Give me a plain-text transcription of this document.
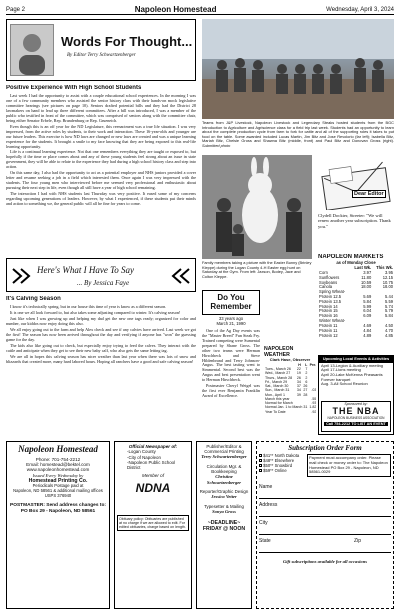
Page 2	Napoleon Homestead	Wednesday, April 3, 2024
Words For Thought...
By Editor Terry Schwartzenberger
Positive Experience With High School Students

Last week I had the opportunity to assist with a couple educational school experiences. In the morning I was one of a few community members who assisted the senior history class with their hands-on mock legislative committee hearings (see pictures on page 10). Seniors drafted potential bills and they had the District 28 lawmakers on hand to lead up three different committees. After a bill was introduced, I was a member of the public who testified in front of the committee, which was comprised of seniors along with the committee chair, being either Senator Erbele, Rep. Brandenburg or Rep. Grueneich.

Even though this is an off year for the ND Legislature, this reenactment was a true life situation. I was very impressed, from the active roles by students, to their work and interaction. These 16-year-olds and younger are our future leaders. This exercise is how ND laws are changed or new laws are created and was a unique learning experience for the students. It brought a smile to my face knowing that they are being exposed to this real-life learning opportunity.

Life is a continual learning experience. Not that one remembers everything they are taught or exposed to, but hopefully if the time or place comes about and any of these young students feel strong about an issue in state government, they will be able to relate to the experience they had during a high school history class and step into action.

On this same day, I also had the opportunity to act as a potential employer and NHS juniors provided a cover letter and resume seeking a job in a field which interested them. Once again I was very impressed with the students. The four young men who interviewed before me seemed very professional and enthusiastic about pursuing their next step in life, even though all still have a year of high school remaining.

The interaction I had with NHS students last Thursday was very positive. It eased some of my concerns regarding upcoming generations of leaders. However, by what I experienced, if these students put their minds and action to something we, the general public will all be fine for years to come.

Teams from J&P Livestock, Napoleon Livestock and Legendary Steaks hosted students from the BGC Introduction to Agriculture and Agriscience class for a field trip last week. Students had an opportunity to learn about the complete production cycle from farm to fork for cattle and all of the supporting roles it takes to put food on the table. Some awarded included Lucas Martin, Jim Bitz and Jose Revolorio (far left); Isabella Bitz, Mariah Bitz, Chelsie Gross and Shawna Bitz (middle, front) and Paul Bitz and Donovan Gross (right). Submitted photo
Family members taking a picture with the Easter Bunny (Brinley Kleppe) during the Logan County 4-H Easter egg hunt on Saturday at the Gym. From left: Jaxson, Bodey, Jace and Colton Kleppe.
Dear Editor
Clydell Dockter, Streeter: "We will renew another year subscription. Thank you."
NAPOLEON MARKETS
as of Monday Close
	Last Wk.	This Wk.
Corn	3.97	3.95
Sunflowers	11.80	12.15
Soybeans	10.59	10.75
Canola	18.00	18.00
Spring Wheat-		
Protein 12.5	5.69	5.44
Protein 13.5	5.84	5.59
Protein 14	5.99	5.74
Protein 15	6.04	5.79
Protein 16	6.09	5.84
Winter Wheat-		
Protein 11	4.69	4.50
Protein 11	4.84	4.70
Protein 12	4.89	4.85
Upcoming Local Events & Activities
April 13-Legion & Auxiliary meeting
April 17-Lions meeting
April 20-Lake McKenna Pheasants Forever banquet
Aug. 3-All School Reunion
Sponsored by:
THE NBA
NAPOLEON BUSINESS ASSOCIATION
Call 754-2212 TO LIST AN EVENT
Here's What I Have To Say
... By Jessica Faye
It's Calving Season

I know it's technically spring, but in our house this time of year is know as a different season.

It is one we all look forward to, but also takes some adjusting compared to winter. It's calving season!

Just like when I was growing up and helping my dad get the new one tags ready; organized for color and number, our kiddos now enjoy doing this also.

We all enjoy going out to the farm and help Alex check and see if any calvies have arrived. Last week we got the first! The season has now been arrived throughout the day and verifying if anyone has "won" the guessing game for the day.

The kids also like going out to check, but especially enjoy trying to feed the calves. They interact with the cattle and anticipate when they get to see their new baby calf, who also gets the same letting tag.

We are all in hopes this calving season has nicer weather than last year when there was lots of snow and blizzards that created more, many hard labored hours. Hoping all ranchers have a good and safe calving season!

Do You Remember
33 years ago
March 21, 1990

One of the Ag Day events was the "Master Breed" Fun Steak Fry. Trained competing were Sumental prepared by Shane Gross. The other two teams were Herman Hirschbeck and Steve Hildenbrand and Terry Johnson-Angus. The best tasting went to Simmental. Second best was the Angus and best presentation went to Herman Hirschbeck.

Postmaster Cheryl Weigel was the first ever Benjamin Franklin Award of Excellence.

NAPOLEON WEATHER
Clark Hase, Observer
	H	L	Pre.
Tues., March 26	22	7	
Wed., March 27	19	2	
Thurs., March 28	26	2	
Fri., March 29	34	6	
Sat., March 30	37	26	
Sun., March 31	34	27	.03
Mon., April 1	39	28	
March this year			.55
Normal for March			.93
Normal Jan. 1 to March 31			1.82
Year To Date			.92
Napoleon Homestead
Phone: 701-754-2212
Email: homestead@bektel.com
www.napoleonhomestead.com
Issued Every Wednesday by
Homestead Printing Co.
Periodicals Postage paid at
Napoleon, ND 58561 & additional mailing offices
USPS 376940
POSTMASTER: Send address changes to:
PO Box 29 - Napoleon, ND 58561
Official Newspaper of:
-Logan County
-City of Napoleon
-Napoleon Public School District
Member of
NDNA
Obituary policy: Obituaries are published at no charge if we are allowed to edit. For edited obituaries, charge based on length.
Publisher/Editor &
Commercial Printing
Terry Schwartzenberger
Circulation Mgr. & Bookkeeping
Christine Schwartzenberger
Reporter/Graphic Design
Jessica Vetter
Typesetter & Mailing
Sonya Gross
~DEADLINE~
FRIDAY @ NOON
Subscription Order Form
$41** North Dakota
$48** Elsewhere
$50** Snowbird
$59** Online
Payment must accompany order. Please mail check or money order to: The Napoleon Homestead PO Box 29 - Napoleon, ND 58561-0029
Name
Address
City
State	Zip
Gift subscriptions available for all occasions
